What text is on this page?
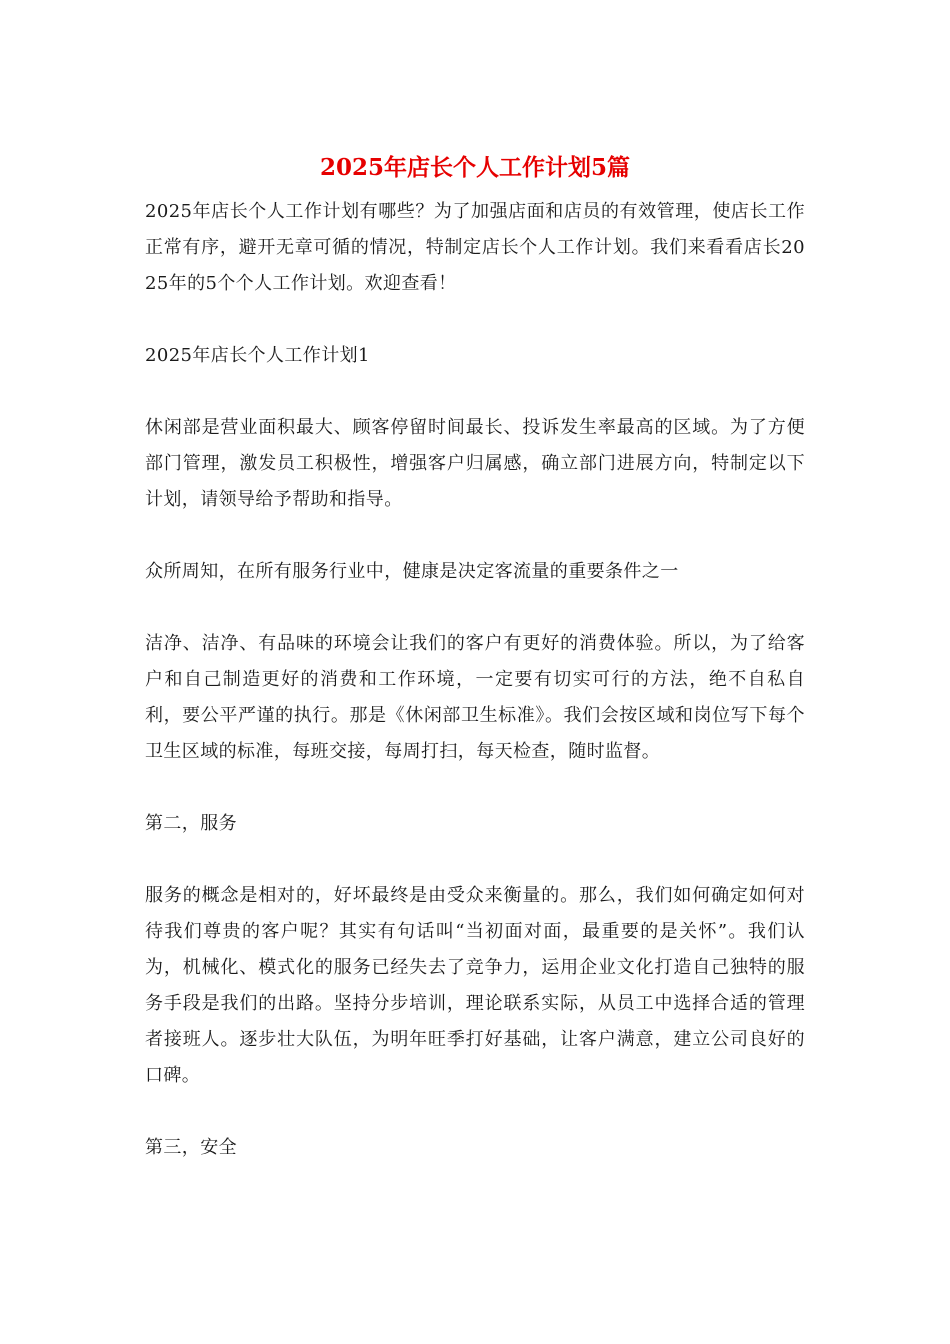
2025年店长个人工作计划5篇

2025年店长个人工作计划有哪些？为了加强店面和店员的有效管理，使店长工作正常有序，避开无章可循的情况，特制定店长个人工作计划。我们来看看店长2025年的5个个人工作计划。欢迎查看！

2025年店长个人工作计划1

休闲部是营业面积最大、顾客停留时间最长、投诉发生率最高的区域。为了方便部门管理，激发员工积极性，增强客户归属感，确立部门进展方向，特制定以下计划，请领导给予帮助和指导。

众所周知，在所有服务行业中，健康是决定客流量的重要条件之一

洁净、洁净、有品味的环境会让我们的客户有更好的消费体验。所以，为了给客户和自己制造更好的消费和工作环境，一定要有切实可行的方法，绝不自私自利，要公平严谨的执行。那是《休闲部卫生标准》。我们会按区域和岗位写下每个卫生区域的标准，每班交接，每周打扫，每天检查，随时监督。

第二，服务

服务的概念是相对的，好坏最终是由受众来衡量的。那么，我们如何确定如何对待我们尊贵的客户呢？其实有句话叫“当初面对面，最重要的是关怀”。我们认为，机械化、模式化的服务已经失去了竞争力，运用企业文化打造自己独特的服务手段是我们的出路。坚持分步培训，理论联系实际，从员工中选择合适的管理者接班人。逐步壮大队伍，为明年旺季打好基础，让客户满意，建立公司良好的口碑。

第三，安全
